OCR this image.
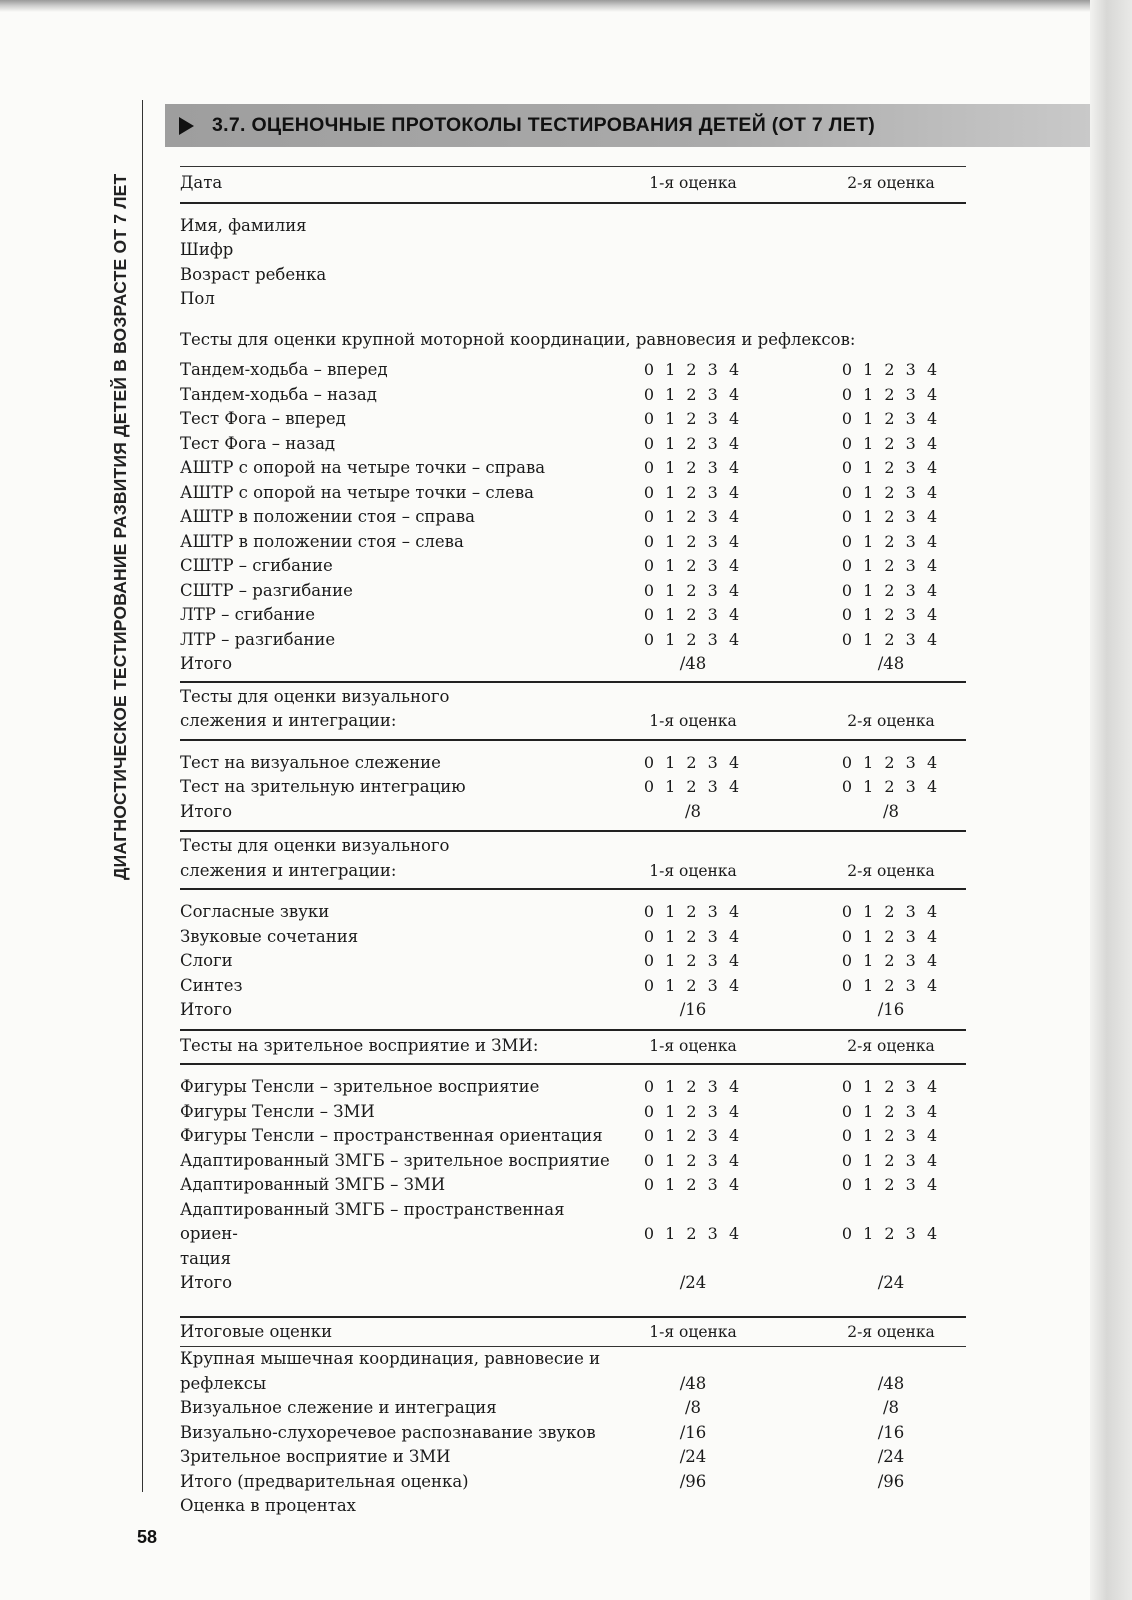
ДИАГНОСТИЧЕСКОЕ ТЕСТИРОВАНИЕ РАЗВИТИЯ ДЕТЕЙ В ВОЗРАСТЕ ОТ 7 ЛЕТ
3.7. ОЦЕНОЧНЫЕ ПРОТОКОЛЫ ТЕСТИРОВАНИЯ ДЕТЕЙ (ОТ 7 ЛЕТ)
Дата	1-я оценка	2-я оценка
Имя, фамилия
Шифр
Возраст ребенка
Пол
Тесты для оценки крупной моторной координации, равновесия и рефлексов:
Тандем-ходьба – вперед	0 1 2 3 4	0 1 2 3 4
Тандем-ходьба – назад	0 1 2 3 4	0 1 2 3 4
Тест Фога – вперед	0 1 2 3 4	0 1 2 3 4
Тест Фога – назад	0 1 2 3 4	0 1 2 3 4
АШТР с опорой на четыре точки – справа	0 1 2 3 4	0 1 2 3 4
АШТР с опорой на четыре точки – слева	0 1 2 3 4	0 1 2 3 4
АШТР в положении стоя – справа	0 1 2 3 4	0 1 2 3 4
АШТР в положении стоя – слева	0 1 2 3 4	0 1 2 3 4
СШТР – сгибание	0 1 2 3 4	0 1 2 3 4
СШТР – разгибание	0 1 2 3 4	0 1 2 3 4
ЛТР – сгибание	0 1 2 3 4	0 1 2 3 4
ЛТР – разгибание	0 1 2 3 4	0 1 2 3 4
Итого	/48	/48
Тесты для оценки визуального
слежения и интеграции:	1-я оценка	2-я оценка
Тест на визуальное слежение	0 1 2 3 4	0 1 2 3 4
Тест на зрительную интеграцию	0 1 2 3 4	0 1 2 3 4
Итого	/8	/8
Тесты для оценки визуального
слежения и интеграции:	1-я оценка	2-я оценка
Согласные звуки	0 1 2 3 4	0 1 2 3 4
Звуковые сочетания	0 1 2 3 4	0 1 2 3 4
Слоги	0 1 2 3 4	0 1 2 3 4
Синтез	0 1 2 3 4	0 1 2 3 4
Итого	/16	/16
Тесты на зрительное восприятие и ЗМИ:	1-я оценка	2-я оценка
Фигуры Тенсли – зрительное восприятие	0 1 2 3 4	0 1 2 3 4
Фигуры Тенсли – ЗМИ	0 1 2 3 4	0 1 2 3 4
Фигуры Тенсли – пространственная ориентация	0 1 2 3 4	0 1 2 3 4
Адаптированный ЗМГБ – зрительное восприятие	0 1 2 3 4	0 1 2 3 4
Адаптированный ЗМГБ – ЗМИ	0 1 2 3 4	0 1 2 3 4
Адаптированный ЗМГБ – пространственная ориен-	0 1 2 3 4	0 1 2 3 4
тация
Итого	/24	/24
Итоговые оценки	1-я оценка	2-я оценка
Крупная мышечная координация, равновесие и
рефлексы	/48	/48
Визуальное слежение и интеграция	/8	/8
Визуально-слухоречевое распознавание звуков	/16	/16
Зрительное восприятие и ЗМИ	/24	/24
Итого (предварительная оценка)	/96	/96
Оценка в процентах
58
